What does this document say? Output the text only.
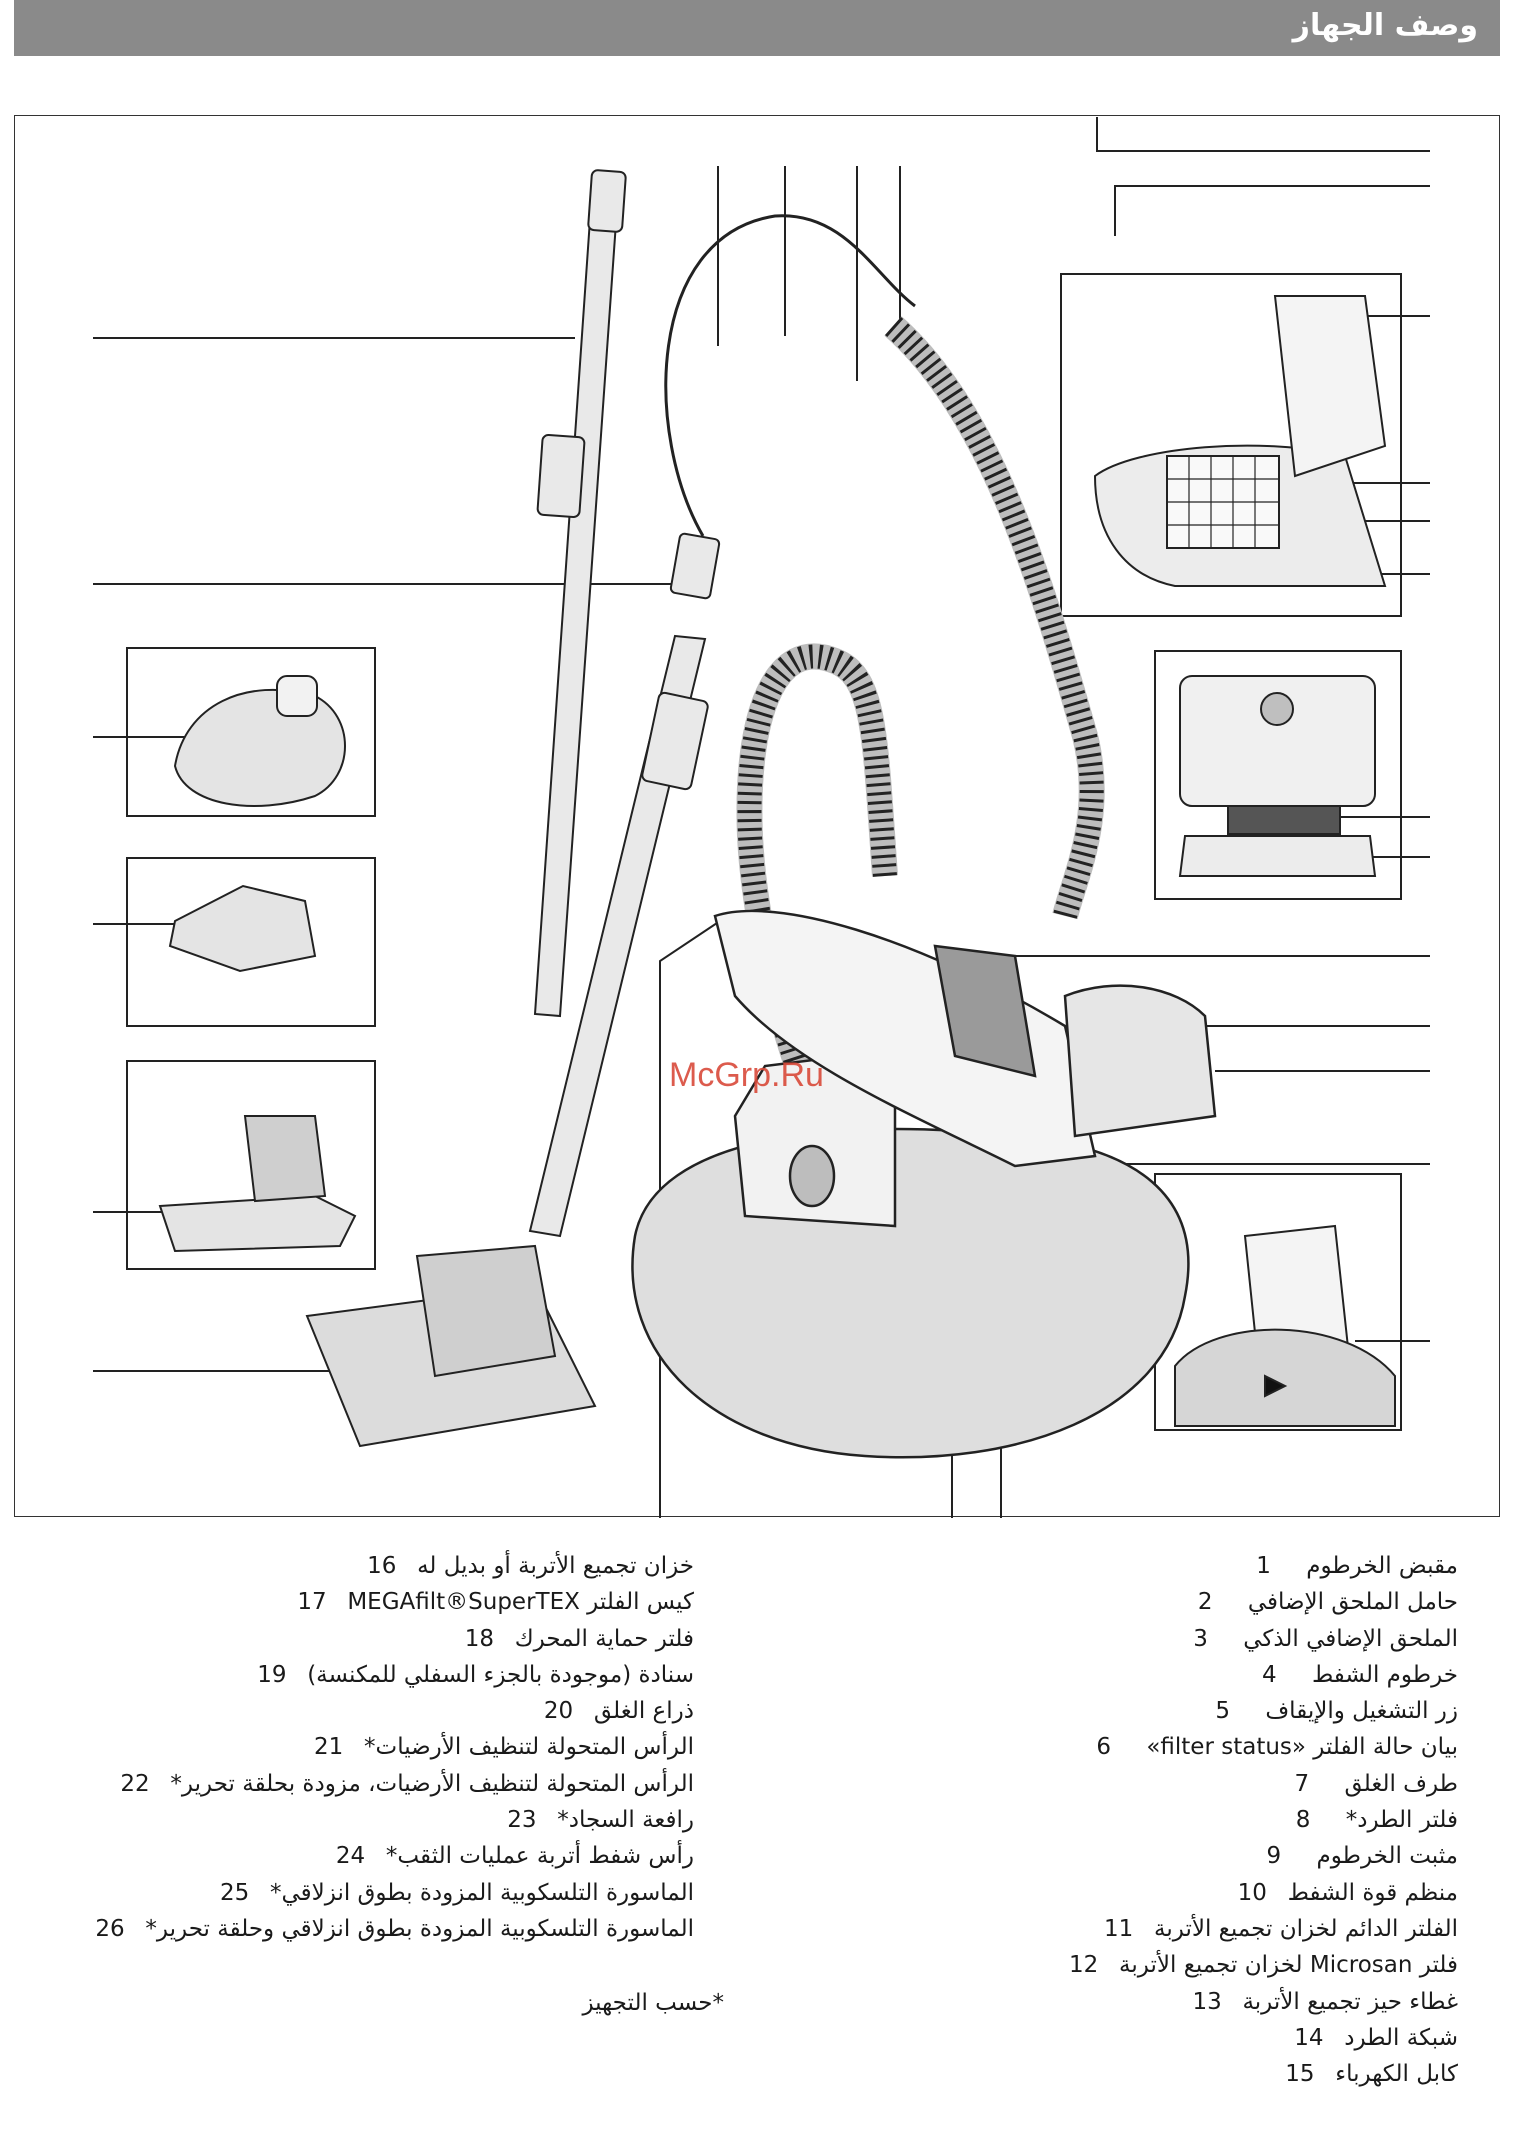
وصف الجهاز
McGrp.Ru
مقبض الخرطوم
1
حامل الملحق الإضافي
2
الملحق الإضافي الذكي
3
خرطوم الشفط
4
زر التشغيل والإيقاف
5
بيان حالة الفلتر «filter status»
6
طرف الغلق
7
فلتر الطرد*
8
مثبت الخرطوم
9
منظم قوة الشفط
10
الفلتر الدائم لخزان تجميع الأتربة
11
فلتر Microsan لخزان تجميع الأتربة
12
غطاء حيز تجميع الأتربة
13
شبكة الطرد
14
كابل الكهرباء
15
خزان تجميع الأتربة أو بديل له
16
كيس الفلتر MEGAfilt®SuperTEX
17
فلتر حماية المحرك
18
سنادة (موجودة بالجزء السفلي للمكنسة)
19
ذراع الغلق
20
الرأس المتحولة لتنظيف الأرضيات*
21
الرأس المتحولة لتنظيف الأرضيات، مزودة بحلقة تحرير*
22
رافعة السجاد*
23
رأس شفط أتربة عمليات الثقب*
24
الماسورة التلسكوبية المزودة بطوق انزلاقي*
25
الماسورة التلسكوبية المزودة بطوق انزلاقي وحلقة تحرير*
26
*حسب التجهيز
